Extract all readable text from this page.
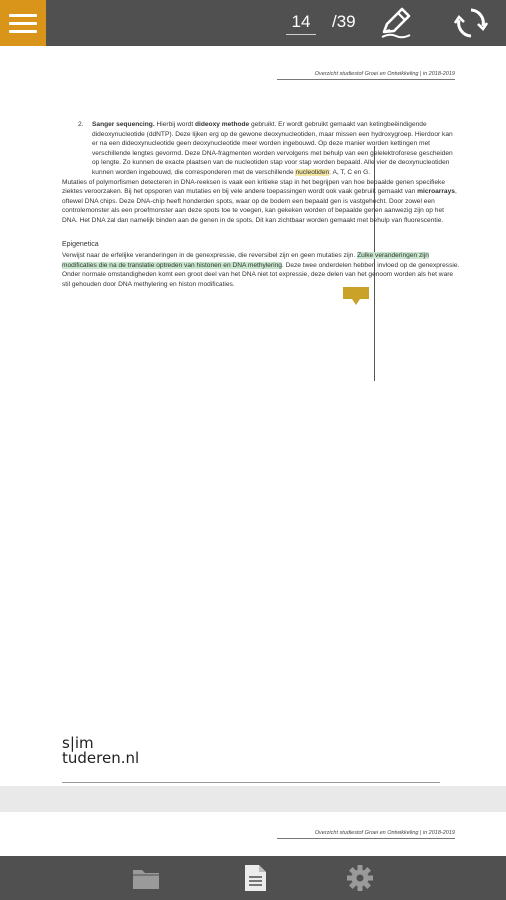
14	/39
Overzicht studiestof Groei en Ontwikkeling | in 2018-2019

2. Sanger sequencing. Hierbij wordt dideoxy methode gebruikt. Er wordt gebruikt gemaakt van ketingbeëindigende dideoxynucleotide (ddNTP). Deze lijken erg op de gewone deoxynucleotiden, maar missen een hydroxygroep. Hierdoor kan er na een dideoxynucleotide geen deoxynucleotide meer worden ingebouwd. Op deze manier worden kettingen met verschillende lengtes gevormd. Deze DNA-fragmenten worden vervolgens met behulp van een gelelektroforese gescheiden op lengte. Zo kunnen de exacte plaatsen van de nucleotiden stap voor stap worden bepaald. Alle vier de deoxynucleotiden kunnen worden ingebouwd, die corresponderen met de verschillende nucleotiden: A, T, C en G.

Mutaties of polymorfismen detecteren in DNA-reeksen is vaak een kritieke stap in het begrijpen van hoe bepaalde genen specifieke ziektes veroorzaken. Bij het opsporen van mutaties en bij vele andere toepassingen wordt ook vaak gebruik gemaakt van microarrays, oftewel DNA chips. Deze DNA-chip heeft honderden spots, waar op de bodem een bepaald gen is vastgehecht. Door zowel een controlemonster als een proefmonster aan deze spots toe te voegen, kan gekeken worden of bepaalde genen aanwezig zijn op het DNA. Het DNA zal dan namelijk binden aan de genen in de spots. Dit kan zichtbaar worden gemaakt met behulp van fluorescentie.

Epigenetica

Verwijst naar de erfelijke veranderingen in de genexpressie, die reversibel zijn en geen mutaties zijn. Zulke veranderingen zijn modificaties die na de translatie optreden van histonen en DNA methylering. Deze twee onderdelen hebben invloed op de genexpressie. Onder normale omstandigheden komt een groot deel van het DNA niet tot expressie, deze delen van het genoom worden als het ware stil gehouden door DNA methylering en histon modificaties.

s|im
tuderen.nl
Overzicht studiestof Groei en Ontwikkeling | in 2018-2019
